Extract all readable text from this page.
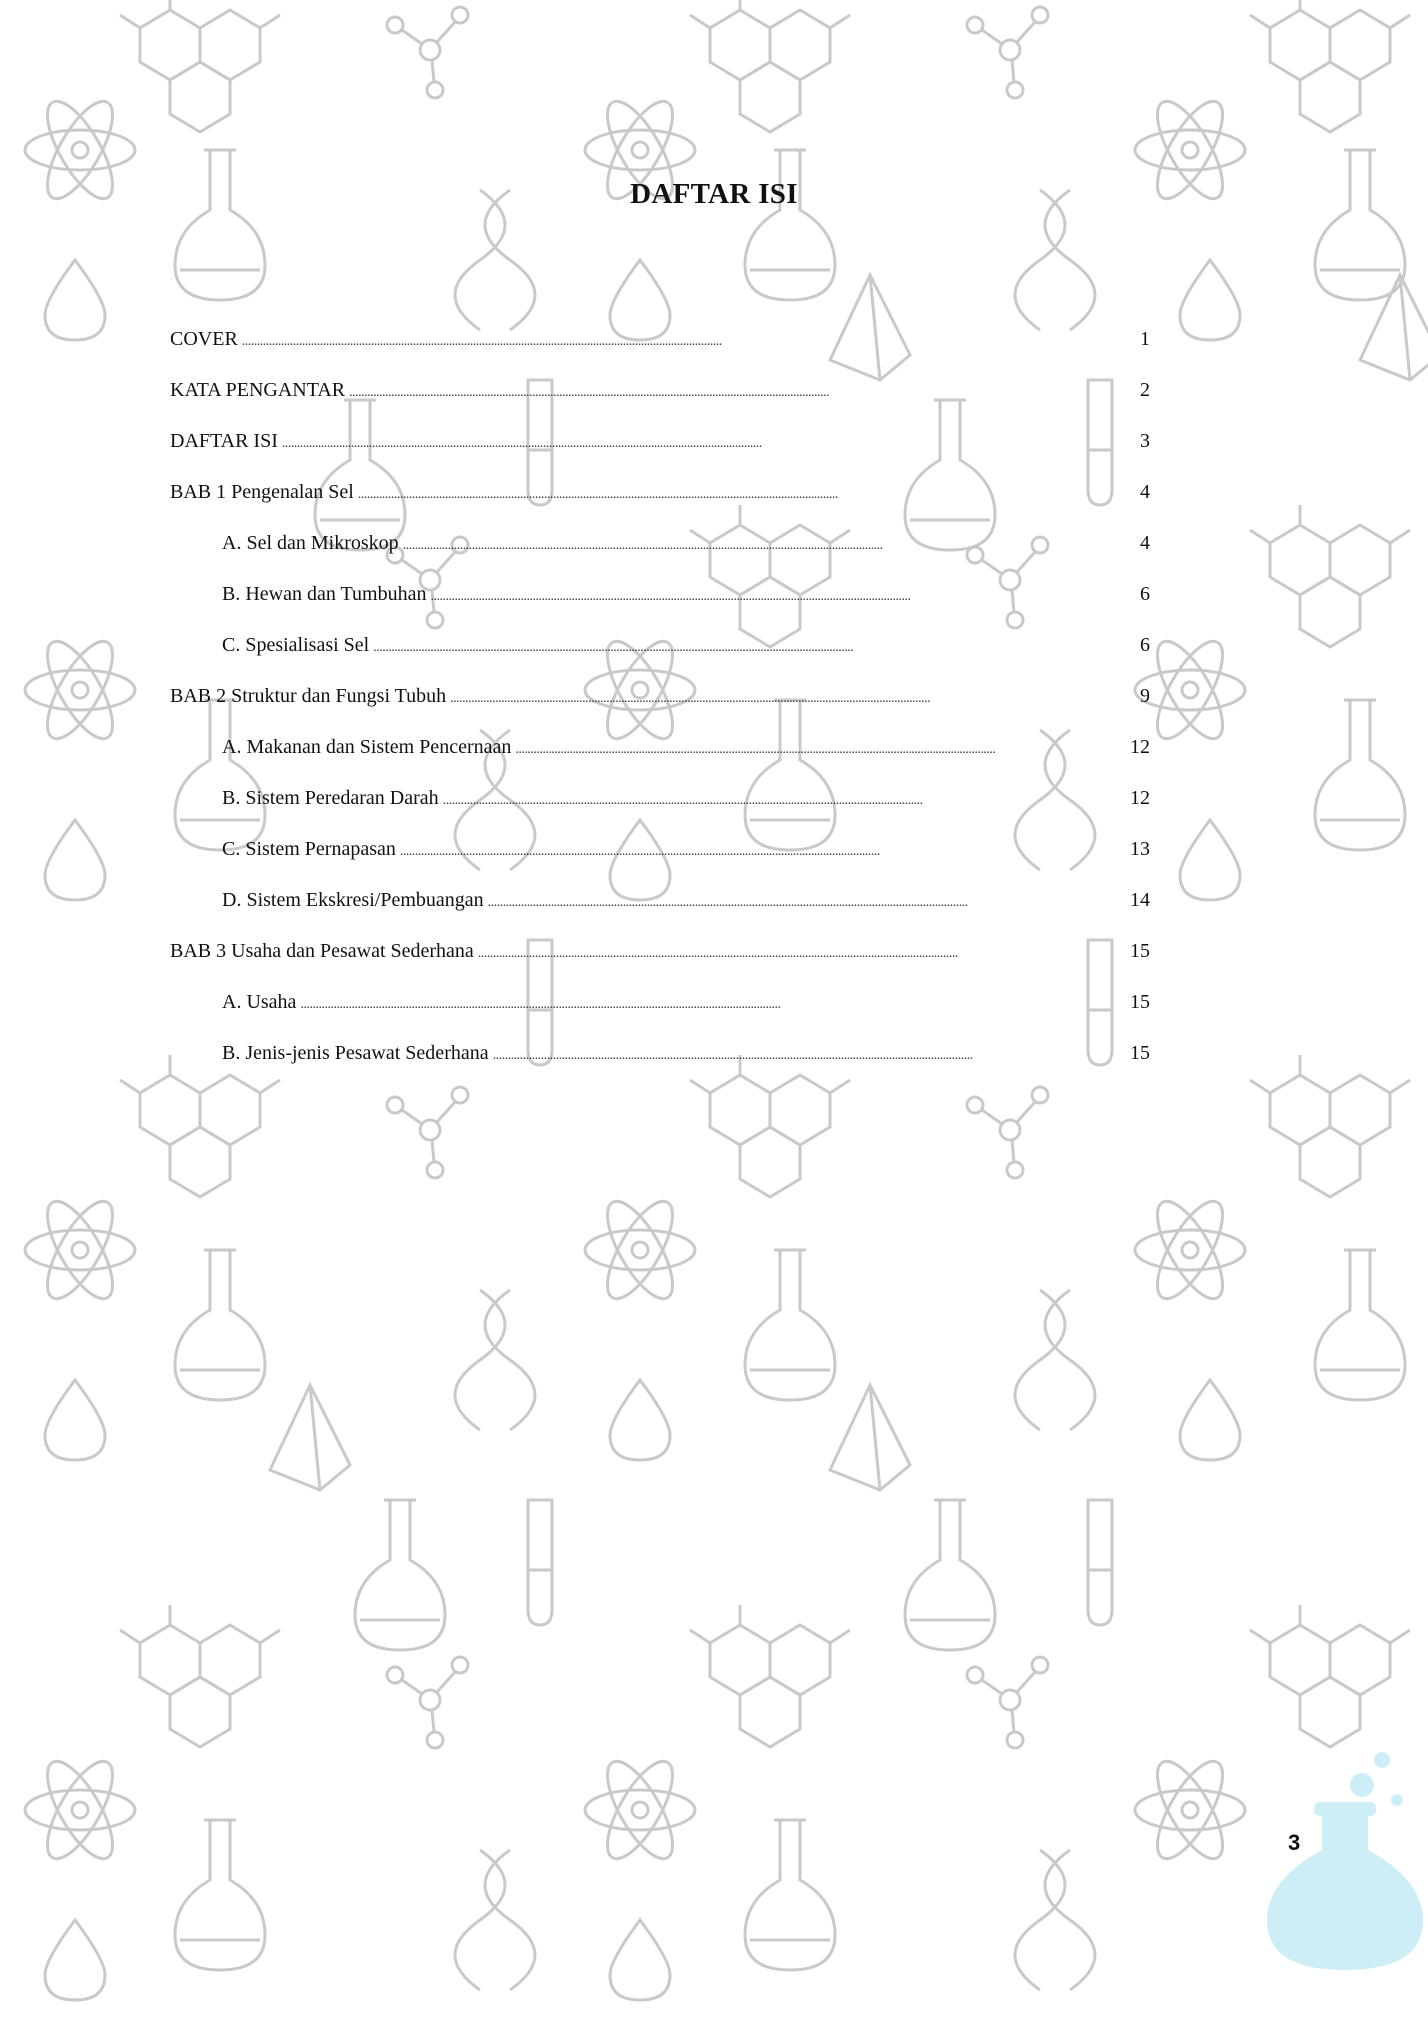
DAFTAR ISI
COVER . . .	1
KATA PENGANTAR . . .	2
DAFTAR ISI . . .	3
BAB 1 Pengenalan Sel . . .	4
A. Sel dan Mikroskop . . .	4
B. Hewan dan Tumbuhan . . .	6
C. Spesialisasi Sel . . .	6
BAB 2 Struktur dan Fungsi Tubuh . . .	9
A. Makanan dan Sistem Pencernaan . . .	12
B. Sistem Peredaran Darah . . .	12
C. Sistem Pernapasan . . .	13
D. Sistem Ekskresi/Pembuangan . . .	14
BAB 3 Usaha dan Pesawat Sederhana . . .	15
A. Usaha . . .	15
B. Jenis-jenis Pesawat Sederhana . . .	15
3
